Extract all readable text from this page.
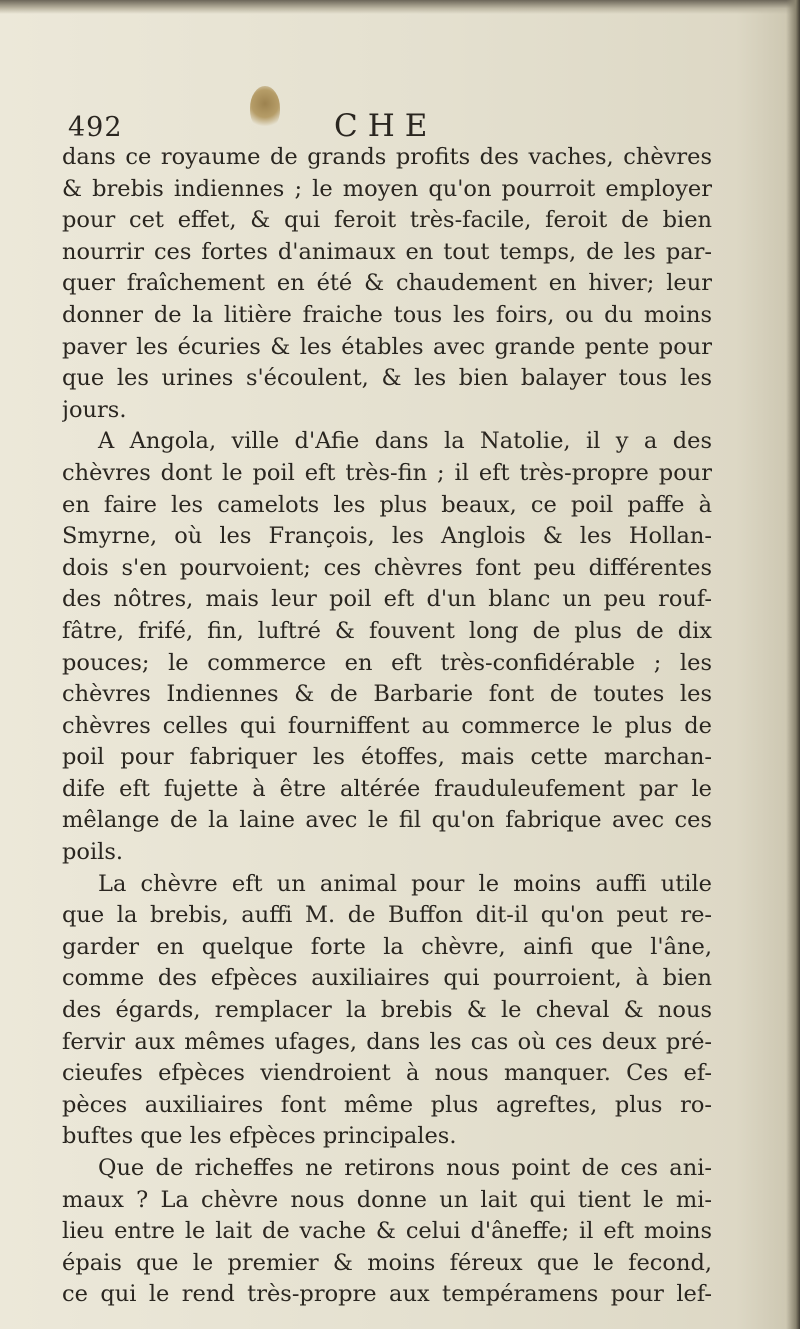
492	CHE
dans ce royaume de grands profits des vaches, chèvres
& brebis indiennes ; le moyen qu'on pourroit employer
pour cet effet, & qui feroit très-facile, feroit de bien
nourrir ces fortes d'animaux en tout temps, de les par-
quer fraîchement en été & chaudement en hiver; leur
donner de la litière fraiche tous les foirs, ou du moins
paver les écuries & les étables avec grande pente pour
que les urines s'écoulent, & les bien balayer tous les
jours.
A Angola, ville d'Afie dans la Natolie, il y a des
chèvres dont le poil eft très-fin ; il eft très-propre pour
en faire les camelots les plus beaux, ce poil paffe à
Smyrne, où les François, les Anglois & les Hollan-
dois s'en pourvoient; ces chèvres font peu différentes
des nôtres, mais leur poil eft d'un blanc un peu rouf-
fâtre, frifé, fin, luftré & fouvent long de plus de dix
pouces; le commerce en eft très-confidérable ; les
chèvres Indiennes & de Barbarie font de toutes les
chèvres celles qui fourniffent au commerce le plus de
poil pour fabriquer les étoffes, mais cette marchan-
dife eft fujette à être altérée frauduleufement par le
mêlange de la laine avec le fil qu'on fabrique avec ces
poils.
La chèvre eft un animal pour le moins auffi utile
que la brebis, auffi M. de Buffon dit-il qu'on peut re-
garder en quelque forte la chèvre, ainfi que l'âne,
comme des efpèces auxiliaires qui pourroient, à bien
des égards, remplacer la brebis & le cheval & nous
fervir aux mêmes ufages, dans les cas où ces deux pré-
cieufes efpèces viendroient à nous manquer. Ces ef-
pèces auxiliaires font même plus agreftes, plus ro-
buftes que les efpèces principales.
Que de richeffes ne retirons nous point de ces ani-
maux ? La chèvre nous donne un lait qui tient le mi-
lieu entre le lait de vache & celui d'âneffe; il eft moins
épais que le premier & moins féreux que le fecond,
ce qui le rend très-propre aux tempéramens pour lef-
